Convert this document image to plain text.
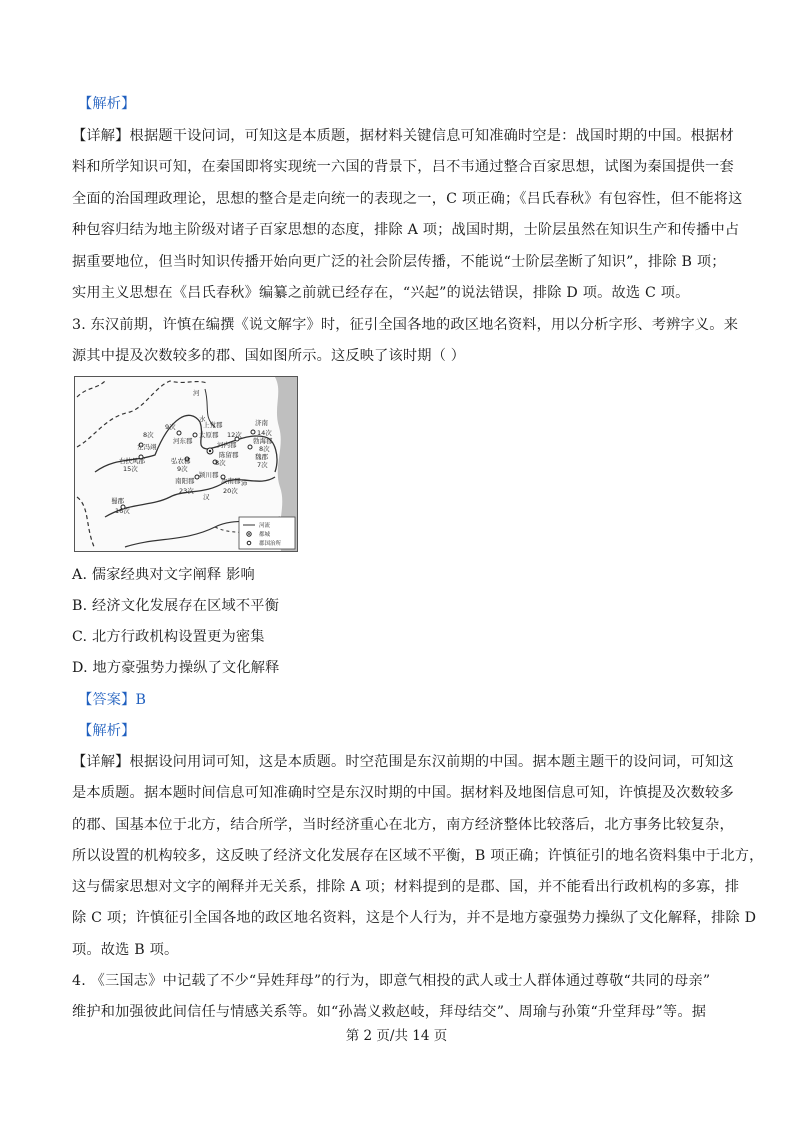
【解析】
【详解】根据题干设问词，可知这是本质题，据材料关键信息可知准确时空是：战国时期的中国。根据材
料和所学知识可知，在秦国即将实现统一六国的背景下，吕不韦通过整合百家思想，试图为秦国提供一套
全面的治国理政理论，思想的整合是走向统一的表现之一，C 项正确；《吕氏春秋》有包容性，但不能将这
种包容归结为地主阶级对诸子百家思想的态度，排除 A 项；战国时期，士阶层虽然在知识生产和传播中占
据重要地位，但当时知识传播开始向更广泛的社会阶层传播，不能说“士阶层垄断了知识”，排除 B 项；
实用主义思想在《吕氏春秋》编纂之前就已经存在，“兴起”的说法错误，排除 D 项。故选 C 项。
3. 东汉前期，许慎在编撰《说文解字》时，征引全国各地的政区地名资料，用以分析字形、考辨字义。来
源其中提及次数较多的郡、国如图所示。这反映了该时期（ ）
河
水
9次	上党郡
太原郡 12次
济南
14次
勃海郡
8次
魏郡
7次
8次
左冯翊
右扶风郡
15次
河东郡	河内郡
陈留郡
8次
弘农郡
9次
颍川郡
南阳郡
23次
汝南郡
20次
沛
汉
蜀郡
16次
河流
都城
郡国治所
A. 儒家经典对文字阐释 影响
B. 经济文化发展存在区域不平衡
C. 北方行政机构设置更为密集
D. 地方豪强势力操纵了文化解释
【答案】B
【解析】
【详解】根据设问用词可知，这是本质题。时空范围是东汉前期的中国。据本题主题干的设问词，可知这
是本质题。据本题时间信息可知准确时空是东汉时期的中国。据材料及地图信息可知，许慎提及次数较多
的郡、国基本位于北方，结合所学，当时经济重心在北方，南方经济整体比较落后，北方事务比较复杂，
所以设置的机构较多，这反映了经济文化发展存在区域不平衡，B 项正确；许慎征引的地名资料集中于北方，
这与儒家思想对文字的阐释并无关系，排除 A 项；材料提到的是郡、国，并不能看出行政机构的多寡，排
除 C 项；许慎征引全国各地的政区地名资料，这是个人行为，并不是地方豪强势力操纵了文化解释，排除 D
项。故选 B 项。
4. 《三国志》中记载了不少“异姓拜母”的行为，即意气相投的武人或士人群体通过尊敬“共同的母亲”
维护和加强彼此间信任与情感关系等。如“孙嵩义救赵岐，拜母结交”、周瑜与孙策“升堂拜母”等。据
第 2 页/共 14 页
